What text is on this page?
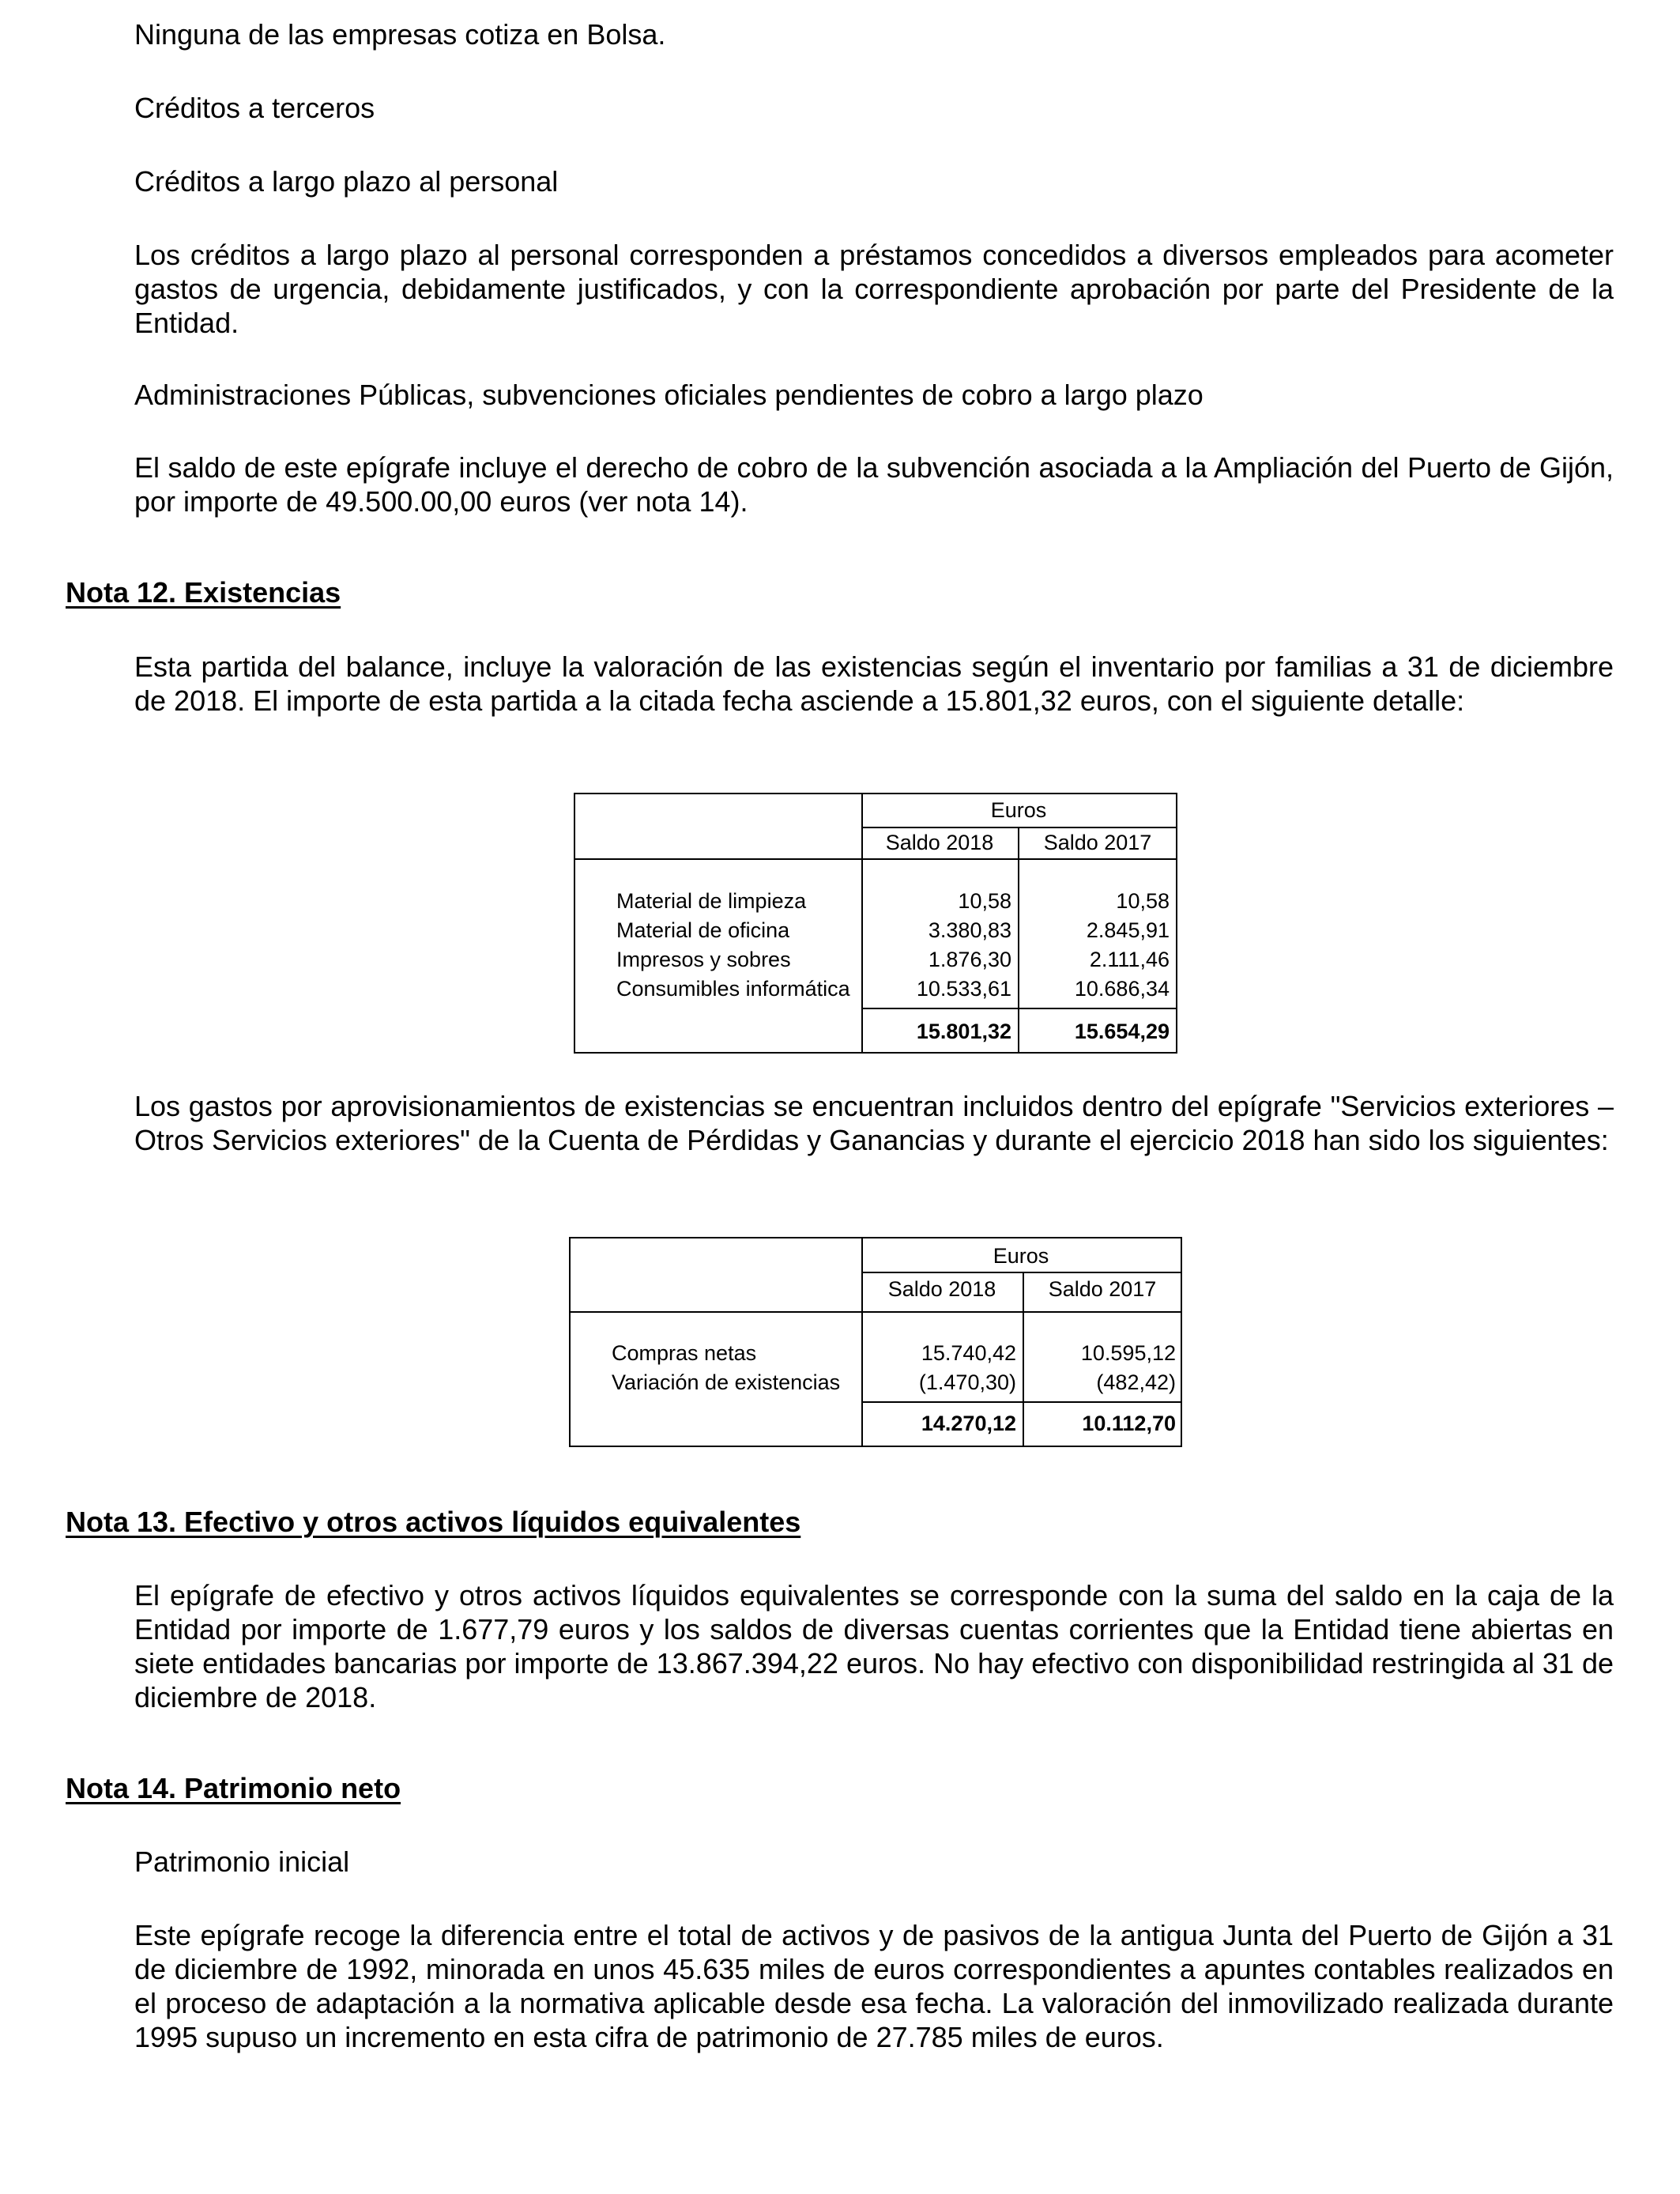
Ninguna de las empresas cotiza en Bolsa.

Créditos a terceros

Créditos a largo plazo al personal

Los créditos a largo plazo al personal corresponden a préstamos concedidos a diversos empleados para acometer gastos de urgencia, debidamente justificados, y con la correspondiente aprobación por parte del Presidente de la Entidad.

Administraciones Públicas, subvenciones oficiales pendientes de cobro a largo plazo

El saldo de este epígrafe incluye el derecho de cobro de la subvención asociada a la Ampliación del Puerto de Gijón, por importe de 49.500.00,00 euros (ver nota 14).

Nota 12. Existencias

Esta partida del balance, incluye la valoración de las existencias según el inventario por familias a 31 de diciembre de 2018. El importe de esta partida a la citada fecha asciende a 15.801,32 euros, con el siguiente detalle:

Euros
Saldo 2018	Saldo 2017
Material de limpieza	10,58	10,58
Material de oficina	3.380,83	2.845,91
Impresos y sobres	1.876,30	2.111,46
Consumibles informática	10.533,61	10.686,34
15.801,32	15.654,29

Los gastos por aprovisionamientos de existencias se encuentran incluidos dentro del epígrafe "Servicios exteriores – Otros Servicios exteriores" de la Cuenta de Pérdidas y Ganancias y durante el ejercicio 2018 han sido los siguientes:

Euros
Saldo 2018	Saldo 2017
Compras netas	15.740,42	10.595,12
Variación de existencias	(1.470,30)	(482,42)
14.270,12	10.112,70
Nota 13. Efectivo y otros activos líquidos equivalentes

El epígrafe de efectivo y otros activos líquidos equivalentes se corresponde con la suma del saldo en la caja de la Entidad por importe de 1.677,79 euros y los saldos de diversas cuentas corrientes que la Entidad tiene abiertas en siete entidades bancarias por importe de 13.867.394,22 euros. No hay efectivo con disponibilidad restringida al 31 de diciembre de 2018.

Nota 14. Patrimonio neto

Patrimonio inicial

Este epígrafe recoge la diferencia entre el total de activos y de pasivos de la antigua Junta del Puerto de Gijón a 31 de diciembre de 1992, minorada en unos 45.635 miles de euros correspondientes a apuntes contables realizados en el proceso de adaptación a la normativa aplicable desde esa fecha. La valoración del inmovilizado realizada durante 1995 supuso un incremento en esta cifra de patrimonio de 27.785 miles de euros.
